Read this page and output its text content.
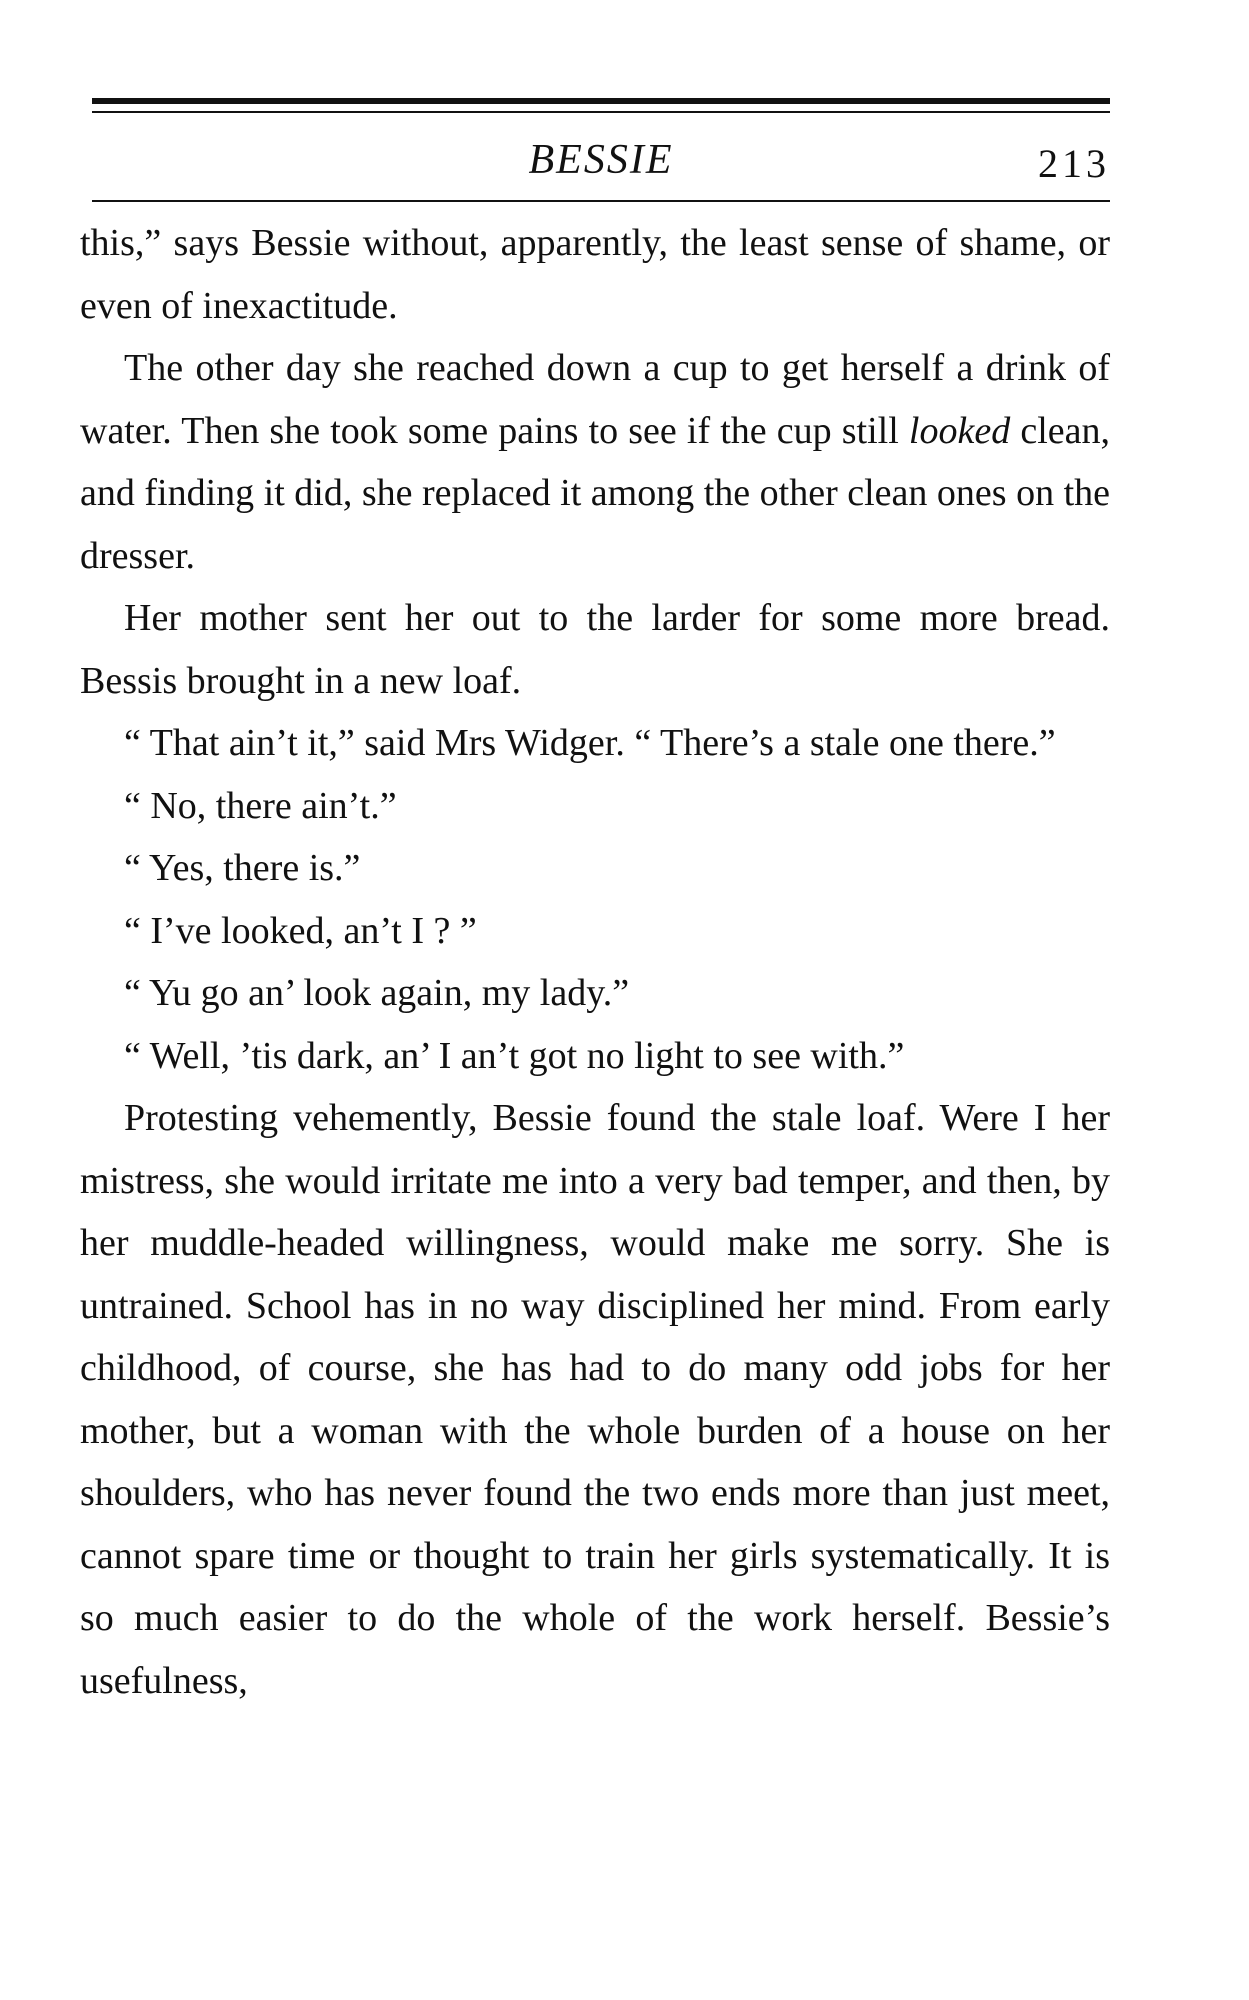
BESSIE	213

this,” says Bessie without, apparently, the least sense of shame, or even of inexactitude.

The other day she reached down a cup to get herself a drink of water. Then she took some pains to see if the cup still looked clean, and finding it did, she replaced it among the other clean ones on the dresser.

Her mother sent her out to the larder for some more bread. Bessis brought in a new loaf.

“ That ain’t it,” said Mrs Widger. “ There’s a stale one there.”

“ No, there ain’t.”

“ Yes, there is.”

“ I’ve looked, an’t I ? ”

“ Yu go an’ look again, my lady.”

“ Well, ’tis dark, an’ I an’t got no light to see with.”

Protesting vehemently, Bessie found the stale loaf. Were I her mistress, she would irritate me into a very bad temper, and then, by her muddle-headed willingness, would make me sorry. She is untrained. School has in no way disciplined her mind. From early childhood, of course, she has had to do many odd jobs for her mother, but a woman with the whole burden of a house on her shoulders, who has never found the two ends more than just meet, cannot spare time or thought to train her girls systematically. It is so much easier to do the whole of the work herself. Bessie’s usefulness,
